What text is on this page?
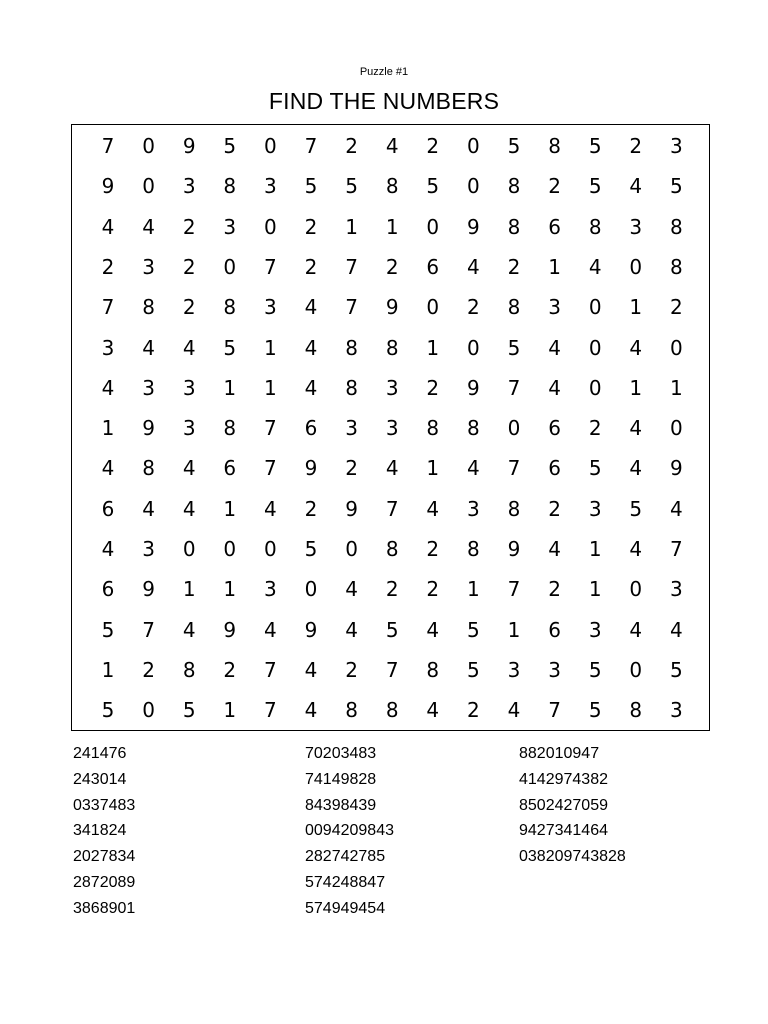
Puzzle #1
FIND THE NUMBERS
7	0	9	5	0	7	2	4	2	0	5	8	5	2	3
9	0	3	8	3	5	5	8	5	0	8	2	5	4	5
4	4	2	3	0	2	1	1	0	9	8	6	8	3	8
2	3	2	0	7	2	7	2	6	4	2	1	4	0	8
7	8	2	8	3	4	7	9	0	2	8	3	0	1	2
3	4	4	5	1	4	8	8	1	0	5	4	0	4	0
4	3	3	1	1	4	8	3	2	9	7	4	0	1	1
1	9	3	8	7	6	3	3	8	8	0	6	2	4	0
4	8	4	6	7	9	2	4	1	4	7	6	5	4	9
6	4	4	1	4	2	9	7	4	3	8	2	3	5	4
4	3	0	0	0	5	0	8	2	8	9	4	1	4	7
6	9	1	1	3	0	4	2	2	1	7	2	1	0	3
5	7	4	9	4	9	4	5	4	5	1	6	3	4	4
1	2	8	2	7	4	2	7	8	5	3	3	5	0	5
5	0	5	1	7	4	8	8	4	2	4	7	5	8	3
241476
243014
0337483
341824
2027834
2872089
3868901
70203483
74149828
84398439
0094209843
282742785
574248847
574949454
882010947
4142974382
8502427059
9427341464
038209743828
